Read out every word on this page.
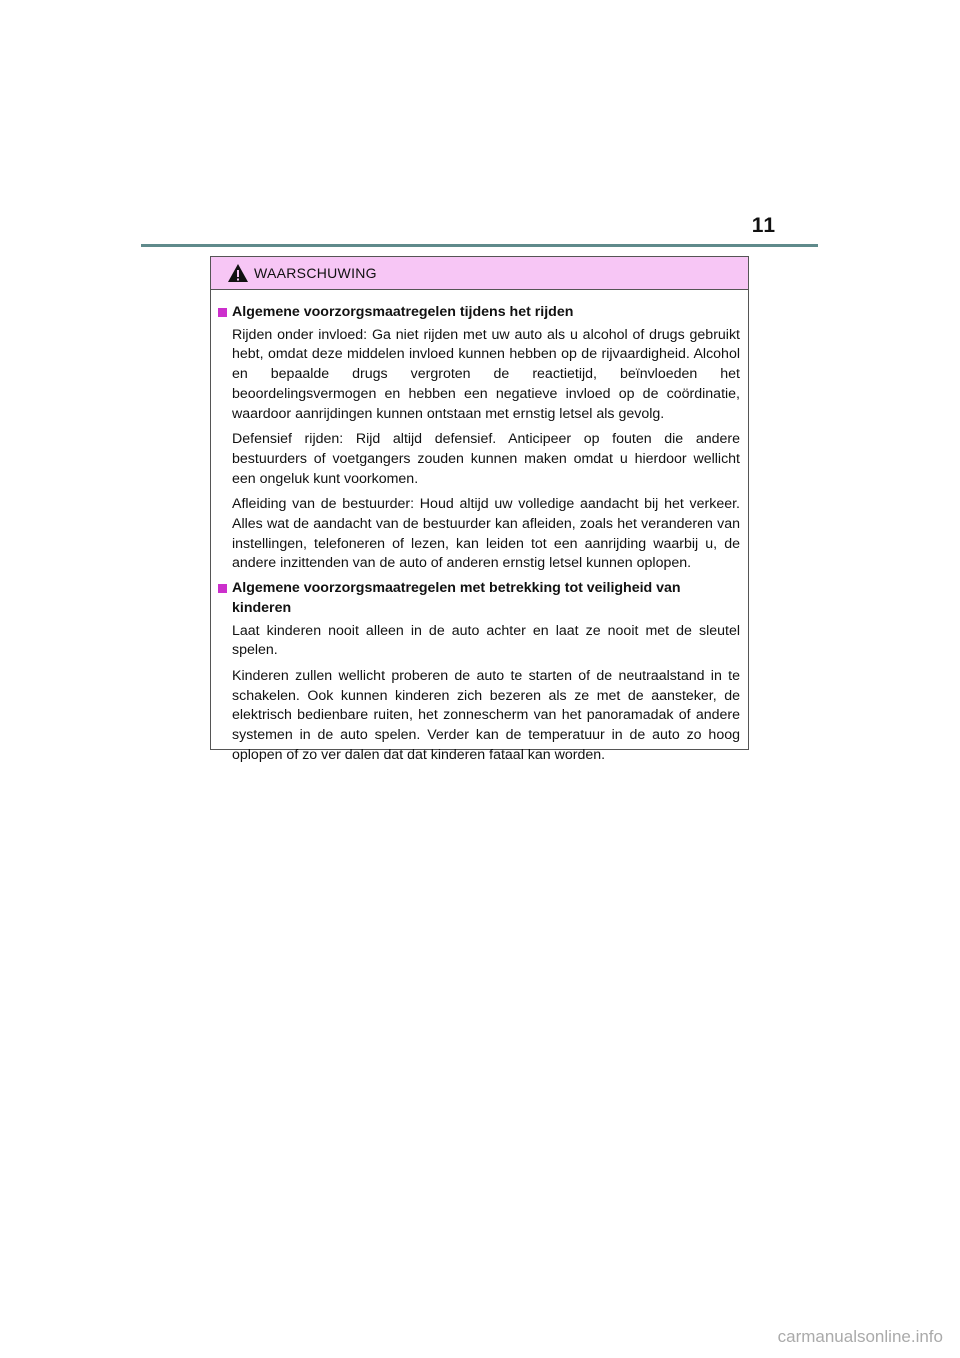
11
WAARSCHUWING
Algemene voorzorgsmaatregelen tijdens het rijden
Rijden onder invloed: Ga niet rijden met uw auto als u alcohol of drugs gebruikt hebt, omdat deze middelen invloed kunnen hebben op de rijvaardigheid. Alcohol en bepaalde drugs vergroten de reactietijd, beïnvloeden het beoordelingsvermogen en hebben een negatieve invloed op de coördinatie, waardoor aanrijdingen kunnen ontstaan met ernstig letsel als gevolg.
Defensief rijden: Rijd altijd defensief. Anticipeer op fouten die andere bestuurders of voetgangers zouden kunnen maken omdat u hierdoor wellicht een ongeluk kunt voorkomen.
Afleiding van de bestuurder: Houd altijd uw volledige aandacht bij het verkeer. Alles wat de aandacht van de bestuurder kan afleiden, zoals het veranderen van instellingen, telefoneren of lezen, kan leiden tot een aanrijding waarbij u, de andere inzittenden van de auto of anderen ernstig letsel kunnen oplopen.
Algemene voorzorgsmaatregelen met betrekking tot veiligheid van kinderen
Laat kinderen nooit alleen in de auto achter en laat ze nooit met de sleutel spelen.
Kinderen zullen wellicht proberen de auto te starten of de neutraalstand in te schakelen. Ook kunnen kinderen zich bezeren als ze met de aansteker, de elektrisch bedienbare ruiten, het zonnescherm van het panoramadak of andere systemen in de auto spelen. Verder kan de temperatuur in de auto zo hoog oplopen of zo ver dalen dat dat kinderen fataal kan worden.
carmanualsonline.info
